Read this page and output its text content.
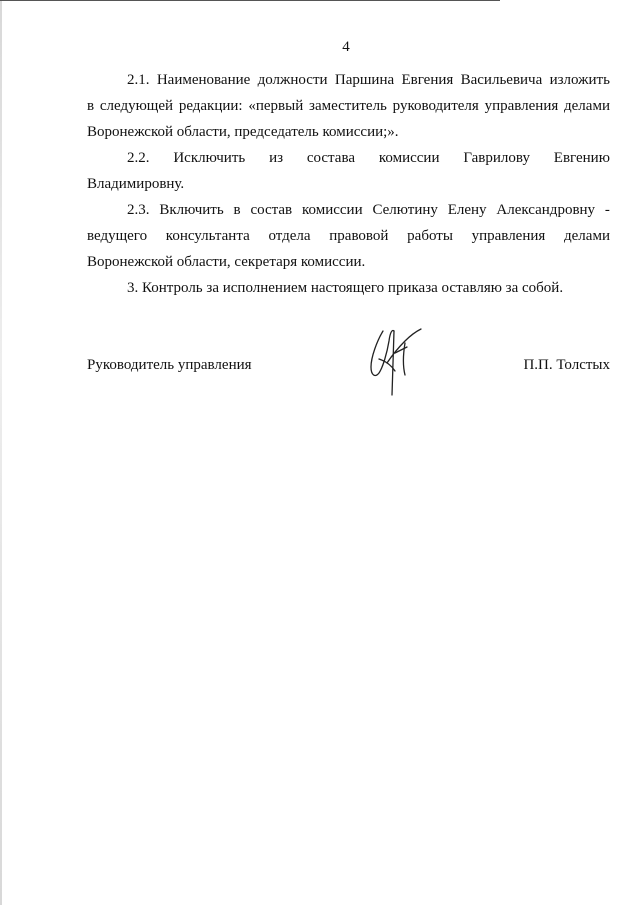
4
2.1. Наименование должности Паршина Евгения Васильевича изложить
в следующей редакции: «первый заместитель руководителя управления делами
Воронежской области, председатель комиссии;».
2.2. Исключить из состава комиссии Гаврилову Евгению
Владимировну.
2.3. Включить в состав комиссии Селютину Елену Александровну -
ведущего консультанта отдела правовой работы управления делами
Воронежской области, секретаря комиссии.
3. Контроль за исполнением настоящего приказа оставляю за собой.
Руководитель управления	П.П. Толстых
